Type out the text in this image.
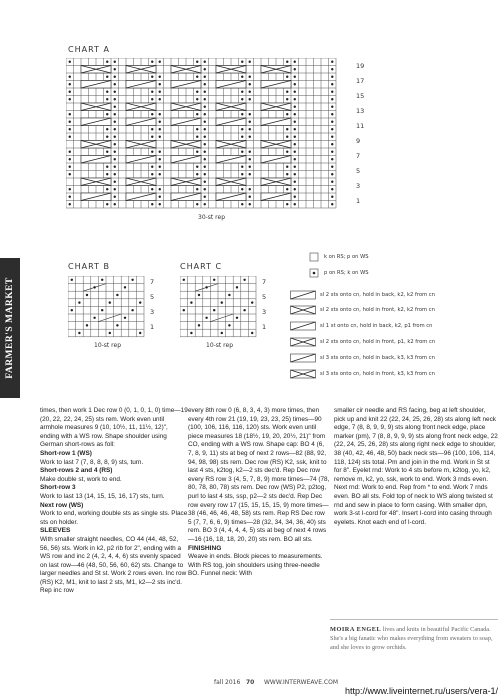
CHART A
19
17
15
13
11
9
7
5
3
1
30-st rep
CHART B
7
5
3
1
10-st rep
CHART C
7
5
3
1
10-st rep
FARMER'S MARKET
k on RS; p on WS
p on RS; k on WS
sl 2 sts onto cn, hold in back, k2, k2 from cn
sl 2 sts onto cn, hold in front, k2, k2 from cn
sl 1 st onto cn, hold in back, k2, p1 from cn
sl 2 sts onto cn, hold in front, p1, k2 from cn
sl 3 sts onto cn, hold in back, k3, k3 from cn
sl 3 sts onto cn, hold in front, k3, k3 from cn

times, then work 1 Dec row 0 (0, 1, 0, 1, 0) time—19 (20, 22, 22, 24, 25) sts rem. Work even until armhole measures 9 (10, 10½, 11, 11½, 12)", ending with a WS row. Shape shoulder using German short-rows as foll:

Short-row 1 (WS)

Work to last 7 (7, 8, 8, 8, 9) sts, turn.

Short-rows 2 and 4 (RS)

Make double st, work to end.

Short-row 3

Work to last 13 (14, 15, 15, 16, 17) sts, turn.

Next row (WS)

Work to end, working double sts as single sts. Place sts on holder.

SLEEVES

With smaller straight needles, CO 44 (44, 48, 52, 56, 56) sts. Work in k2, p2 rib for 2", ending with a WS row and inc 2 (4, 2, 4, 4, 6) sts evenly spaced on last row—46 (48, 50, 56, 60, 62) sts. Change to larger needles and St st. Work 2 rows even. Inc row (RS) K2, M1, knit to last 2 sts, M1, k2—2 sts inc'd. Rep inc row

every 8th row 0 (6, 8, 3, 4, 3) more times, then every 4th row 21 (19, 19, 23, 23, 25) times—90 (100, 106, 116, 116, 120) sts. Work even until piece measures 18 (18½, 19, 20, 20½, 21)" from CO, ending with a WS row. Shape cap: BO 4 (6, 7, 8, 9, 11) sts at beg of next 2 rows—82 (88, 92, 94, 98, 98) sts rem. Dec row (RS) K2, ssk, knit to last 4 sts, k2tog, k2—2 sts dec'd. Rep Dec row every RS row 3 (4, 5, 7, 8, 9) more times—74 (78, 80, 78, 80, 78) sts rem. Dec row (WS) P2, p2tog, purl to last 4 sts, ssp, p2—2 sts dec'd. Rep Dec row every row 17 (15, 15, 15, 15, 9) more times—38 (46, 46, 46, 48, 58) sts rem. Rep RS Dec row 5 (7, 7, 6, 6, 9) times—28 (32, 34, 34, 36, 40) sts rem. BO 3 (4, 4, 4, 4, 5) sts at beg of next 4 rows—16 (16, 18, 18, 20, 20) sts rem. BO all sts.

FINISHING

Weave in ends. Block pieces to measurements. With RS tog, join shoulders using three-needle BO. Funnel neck: With

smaller cir needle and RS facing, beg at left shoulder, pick up and knit 22 (22, 24, 25, 26, 28) sts along left neck edge, 7 (8, 8, 9, 9, 9) sts along front neck edge, place marker (pm), 7 (8, 8, 9, 9, 9) sts along front neck edge, 22 (22, 24, 25, 26, 28) sts along right neck edge to shoulder, 38 (40, 42, 46, 48, 50) back neck sts—96 (100, 106, 114, 118, 124) sts total. Pm and join in the rnd. Work in St st for 8". Eyelet rnd: Work to 4 sts before m, k2tog, yo, k2, remove m, k2, yo, ssk, work to end. Work 3 rnds even. Next rnd: Work to end. Rep from * to end. Work 7 rnds even. BO all sts. Fold top of neck to WS along twisted st rnd and sew in place to form casing. With smaller dpn, work 3-st I-cord for 48". Insert I-cord into casing through eyelets. Knot each end of I-cord.

MOIRA ENGEL lives and knits in beautiful Pacific Canada. She's a big fanatic who makes everything from sweaters to soap, and she loves to grow orchids.
fall 2016 70 WWW.INTERWEAVE.COM
http://www.liveinternet.ru/users/vera-1/
